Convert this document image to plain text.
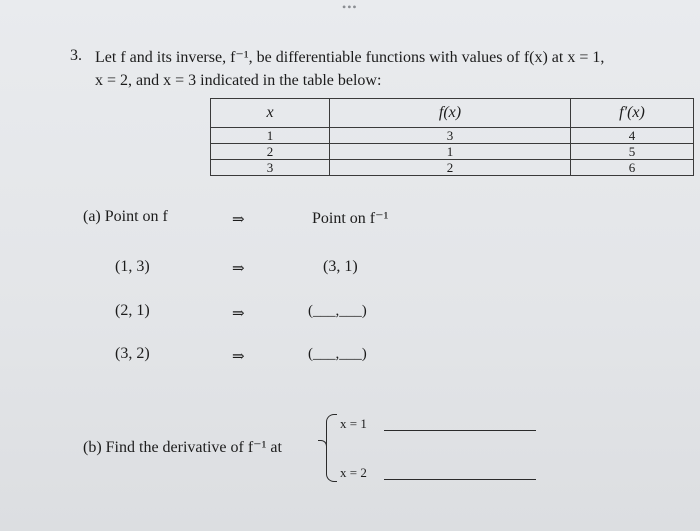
•••
3. Let f and its inverse, f⁻¹, be differentiable functions with values of f(x) at x = 1,
x = 2, and x = 3 indicated in the table below:
x	f(x)	f′(x)
1	3	4
2	1	5
3	2	6
(a) Point on f	⇒	Point on f⁻¹
(1, 3)	⇒	(3, 1)
(2, 1)	⇒	(___,___)
(3, 2)	⇒	(___,___)
(b) Find the derivative of f⁻¹ at
x = 1
x = 2
